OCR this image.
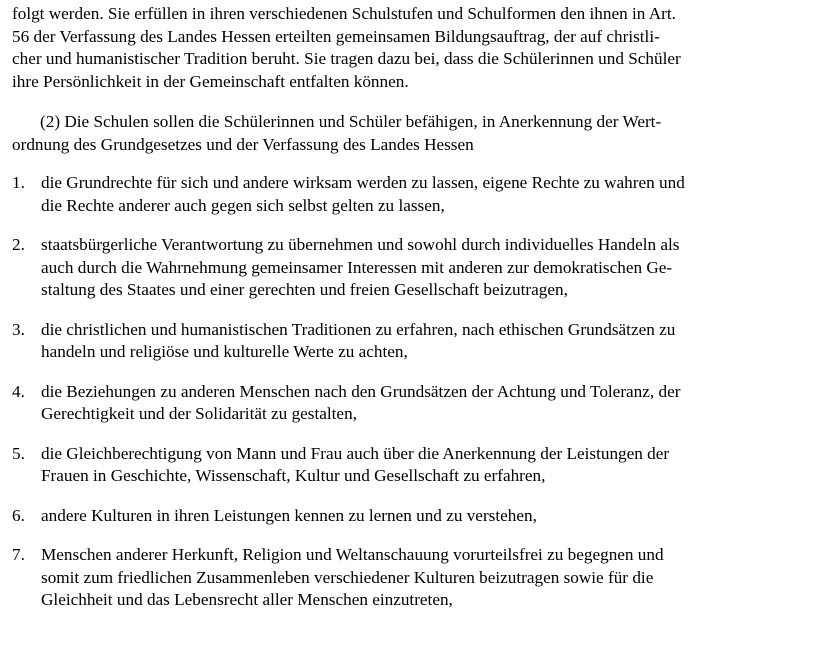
folgt werden. Sie erfüllen in ihren verschiedenen Schulstufen und Schulformen den ihnen in Art.
56 der Verfassung des Landes Hessen erteilten gemeinsamen Bildungsauftrag, der auf christli-
cher und humanistischer Tradition beruht. Sie tragen dazu bei, dass die Schülerinnen und Schüler
ihre Persönlichkeit in der Gemeinschaft entfalten können.
(2) Die Schulen sollen die Schülerinnen und Schüler befähigen, in Anerkennung der Wert-
ordnung des Grundgesetzes und der Verfassung des Landes Hessen
1. die Grundrechte für sich und andere wirksam werden zu lassen, eigene Rechte zu wahren und
die Rechte anderer auch gegen sich selbst gelten zu lassen,
2. staatsbürgerliche Verantwortung zu übernehmen und sowohl durch individuelles Handeln als
auch durch die Wahrnehmung gemeinsamer Interessen mit anderen zur demokratischen Ge-
staltung des Staates und einer gerechten und freien Gesellschaft beizutragen,
3. die christlichen und humanistischen Traditionen zu erfahren, nach ethischen Grundsätzen zu
handeln und religiöse und kulturelle Werte zu achten,
4. die Beziehungen zu anderen Menschen nach den Grundsätzen der Achtung und Toleranz, der
Gerechtigkeit und der Solidarität zu gestalten,
5. die Gleichberechtigung von Mann und Frau auch über die Anerkennung der Leistungen der
Frauen in Geschichte, Wissenschaft, Kultur und Gesellschaft zu erfahren,
6. andere Kulturen in ihren Leistungen kennen zu lernen und zu verstehen,
7. Menschen anderer Herkunft, Religion und Weltanschauung vorurteilsfrei zu begegnen und
somit zum friedlichen Zusammenleben verschiedener Kulturen beizutragen sowie für die
Gleichheit und das Lebensrecht aller Menschen einzutreten,
